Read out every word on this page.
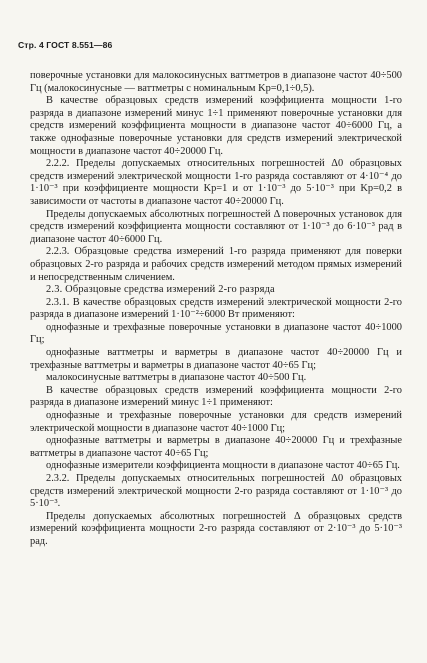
Стр. 4 ГОСТ 8.551—86

поверочные установки для малокосинусных ваттметров в диапазоне частот 40÷500 Гц (малокосинусные — ваттметры с номинальным Kp=0,1÷0,5).

В качестве образцовых средств измерений коэффициента мощности 1-го разряда в диапазоне измерений минус 1÷1 применяют поверочные установки для средств измерений коэффициента мощности в диапазоне частот 40÷6000 Гц, а также однофазные поверочные установки для средств измерений электрической мощности в диапазоне частот 40÷20000 Гц.

2.2.2. Пределы допускаемых относительных погрешностей Δ0 образцовых средств измерений электрической мощности 1-го разряда составляют от 4·10⁻⁴ до 1·10⁻³ при коэффициенте мощности Kp=1 и от 1·10⁻³ до 5·10⁻³ при Kp=0,2 в зависимости от частоты в диапазоне частот 40÷20000 Гц.

Пределы допускаемых абсолютных погрешностей Δ поверочных установок для средств измерений коэффициента мощности составляют от 1·10⁻³ до 6·10⁻³ рад в диапазоне частот 40÷6000 Гц.

2.2.3. Образцовые средства измерений 1-го разряда применяют для поверки образцовых 2-го разряда и рабочих средств измерений методом прямых измерений и непосредственным сличением.

2.3. Образцовые средства измерений 2-го разряда

2.3.1. В качестве образцовых средств измерений электрической мощности 2-го разряда в диапазоне измерений 1·10⁻²÷6000 Вт применяют:

однофазные и трехфазные поверочные установки в диапазоне частот 40÷1000 Гц;

однофазные ваттметры и варметры в диапазоне частот 40÷20000 Гц и трехфазные ваттметры и варметры в диапазоне частот 40÷65 Гц;

малокосинусные ваттметры в диапазоне частот 40÷500 Гц.

В качестве образцовых средств измерений коэффициента мощности 2-го разряда в диапазоне измерений минус 1÷1 применяют:

однофазные и трехфазные поверочные установки для средств измерений электрической мощности в диапазоне частот 40÷1000 Гц;

однофазные ваттметры и варметры в диапазоне 40÷20000 Гц и трехфазные ваттметры в диапазоне частот 40÷65 Гц;

однофазные измерители коэффициента мощности в диапазоне частот 40÷65 Гц.

2.3.2. Пределы допускаемых относительных погрешностей Δ0 образцовых средств измерений электрической мощности 2-го разряда составляют от 1·10⁻³ до 5·10⁻³.

Пределы допускаемых абсолютных погрешностей Δ образцовых средств измерений коэффициента мощности 2-го разряда составляют от 2·10⁻³ до 5·10⁻³ рад.
